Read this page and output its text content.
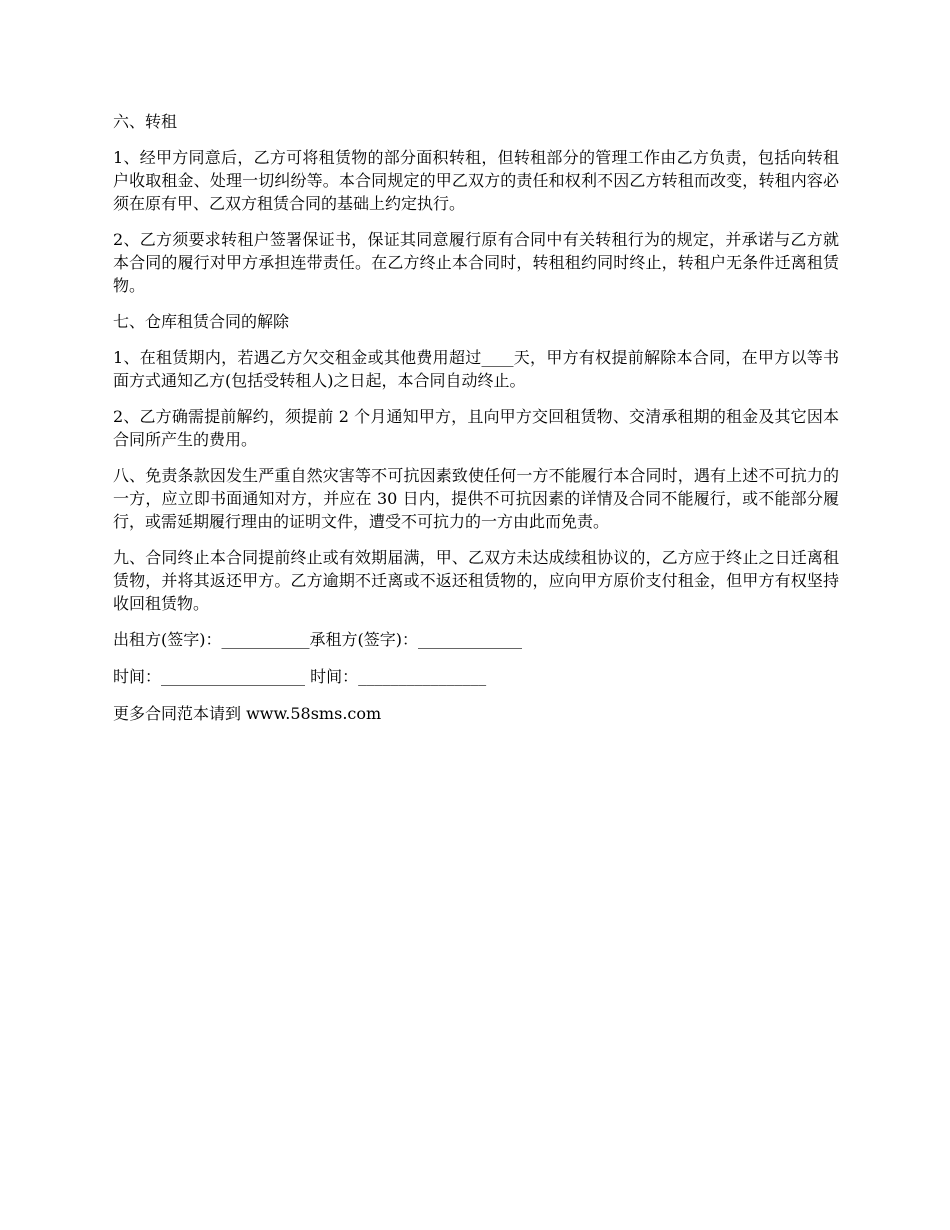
六、转租

1、经甲方同意后，乙方可将租赁物的部分面积转租，但转租部分的管理工作由乙方负责，包括向转租户收取租金、处理一切纠纷等。本合同规定的甲乙双方的责任和权利不因乙方转租而改变，转租内容必须在原有甲、乙双方租赁合同的基础上约定执行。

2、乙方须要求转租户签署保证书，保证其同意履行原有合同中有关转租行为的规定，并承诺与乙方就本合同的履行对甲方承担连带责任。在乙方终止本合同时，转租租约同时终止，转租户无条件迁离租赁物。

七、仓库租赁合同的解除

1、在租赁期内，若遇乙方欠交租金或其他费用超过____天，甲方有权提前解除本合同，在甲方以等书面方式通知乙方(包括受转租人)之日起，本合同自动终止。

2、乙方确需提前解约，须提前 2 个月通知甲方，且向甲方交回租赁物、交清承租期的租金及其它因本合同所产生的费用。

八、免责条款因发生严重自然灾害等不可抗因素致使任何一方不能履行本合同时，遇有上述不可抗力的一方，应立即书面通知对方，并应在 30 日内，提供不可抗因素的详情及合同不能履行，或不能部分履行，或需延期履行理由的证明文件，遭受不可抗力的一方由此而免责。

九、合同终止本合同提前终止或有效期届满，甲、乙双方未达成续租协议的，乙方应于终止之日迁离租赁物，并将其返还甲方。乙方逾期不迁离或不返还租赁物的，应向甲方原价支付租金，但甲方有权坚持收回租赁物。

出租方(签字)：___________承租方(签字)：_____________

时间：__________________ 时间：________________

更多合同范本请到 www.58sms.com
